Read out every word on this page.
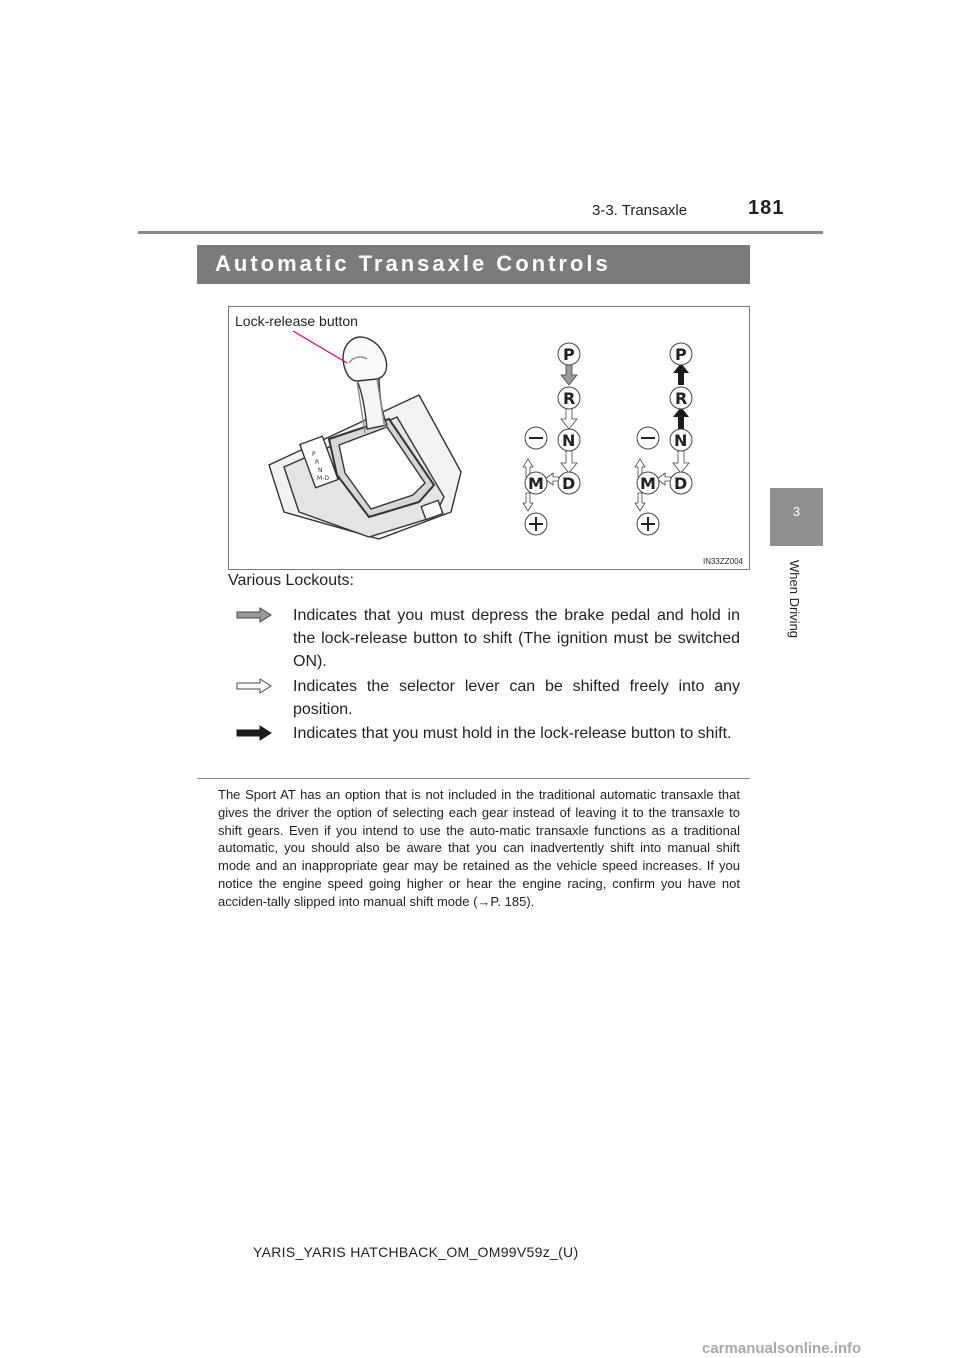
3-3. Transaxle	181
3
When Driving
Automatic Transaxle Controls
Lock-release button
IN33ZZ004
P
R
N
M-D
P
R
N
D
M
P
R
N
D
M
Various Lockouts:
Indicates that you must depress the brake pedal and hold in the lock-release button to shift (The ignition must be switched ON).
Indicates the selector lever can be shifted freely into any position.
Indicates that you must hold in the lock-release button to shift.
The Sport AT has an option that is not included in the traditional automatic transaxle that gives the driver the option of selecting each gear instead of leaving it to the transaxle to shift gears. Even if you intend to use the auto-matic transaxle functions as a traditional automatic, you should also be aware that you can inadvertently shift into manual shift mode and an inappropriate gear may be retained as the vehicle speed increases. If you notice the engine speed going higher or hear the engine racing, confirm you have not acciden-tally slipped into manual shift mode (→P. 185).
YARIS_YARIS HATCHBACK_OM_OM99V59z_(U)
carmanualsonline.info
